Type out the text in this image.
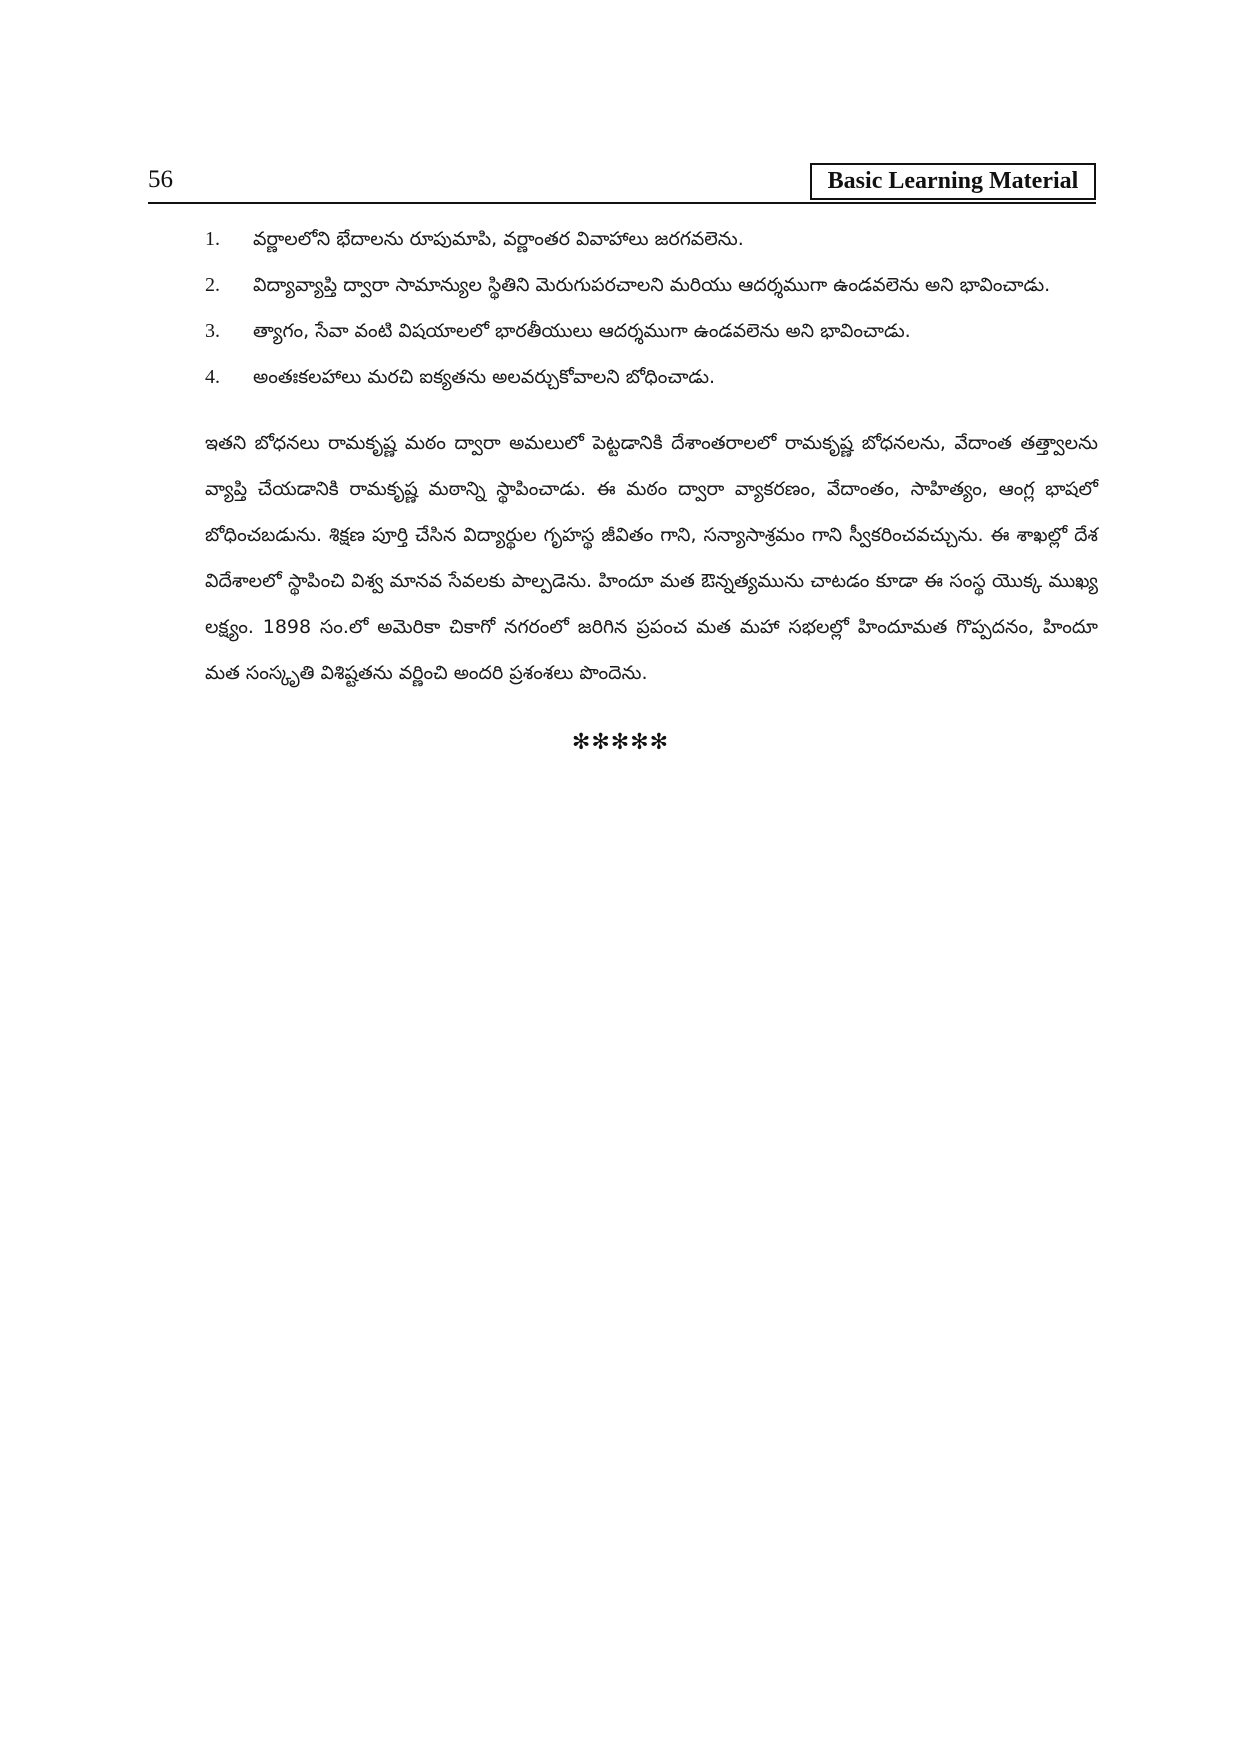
56	Basic Learning Material
1.	వర్ణాలలోని భేదాలను రూపుమాపి, వర్ణాంతర వివాహాలు జరగవలెను.
2.	విద్యావ్యాప్తి ద్వారా సామాన్యుల స్థితిని మెరుగుపరచాలని మరియు ఆదర్శముగా ఉండవలెను అని భావించాడు.
3.	త్యాగం, సేవా వంటి విషయాలలో భారతీయులు ఆదర్శముగా ఉండవలెను అని భావించాడు.
4.	అంతఃకలహాలు మరచి ఐక్యతను అలవర్చుకోవాలని బోధించాడు.

ఇతని బోధనలు రామకృష్ణ మఠం ద్వారా అమలులో పెట్టడానికి దేశాంతరాలలో రామకృష్ణ బోధనలను, వేదాంత తత్త్వాలను వ్యాప్తి చేయడానికి రామకృష్ణ మఠాన్ని స్థాపించాడు. ఈ మఠం ద్వారా వ్యాకరణం, వేదాంతం, సాహిత్యం, ఆంగ్ల భాషలో బోధించబడును. శిక్షణ పూర్తి చేసిన విద్యార్థుల గృహస్థ జీవితం గాని, సన్యాసాశ్రమం గాని స్వీకరించవచ్చును. ఈ శాఖల్లో దేశ విదేశాలలో స్థాపించి విశ్వ మానవ సేవలకు పాల్పడెను. హిందూ మత ఔన్నత్యమును చాటడం కూడా ఈ సంస్థ యొక్క ముఖ్య లక్ష్యం. 1898 సం.లో అమెరికా చికాగో నగరంలో జరిగిన ప్రపంచ మత మహా సభలల్లో హిందూమత గొప్పదనం, హిందూ మత సంస్కృతి విశిష్టతను వర్ణించి అందరి ప్రశంశలు పొందెను.

✻✻✻✻✻
